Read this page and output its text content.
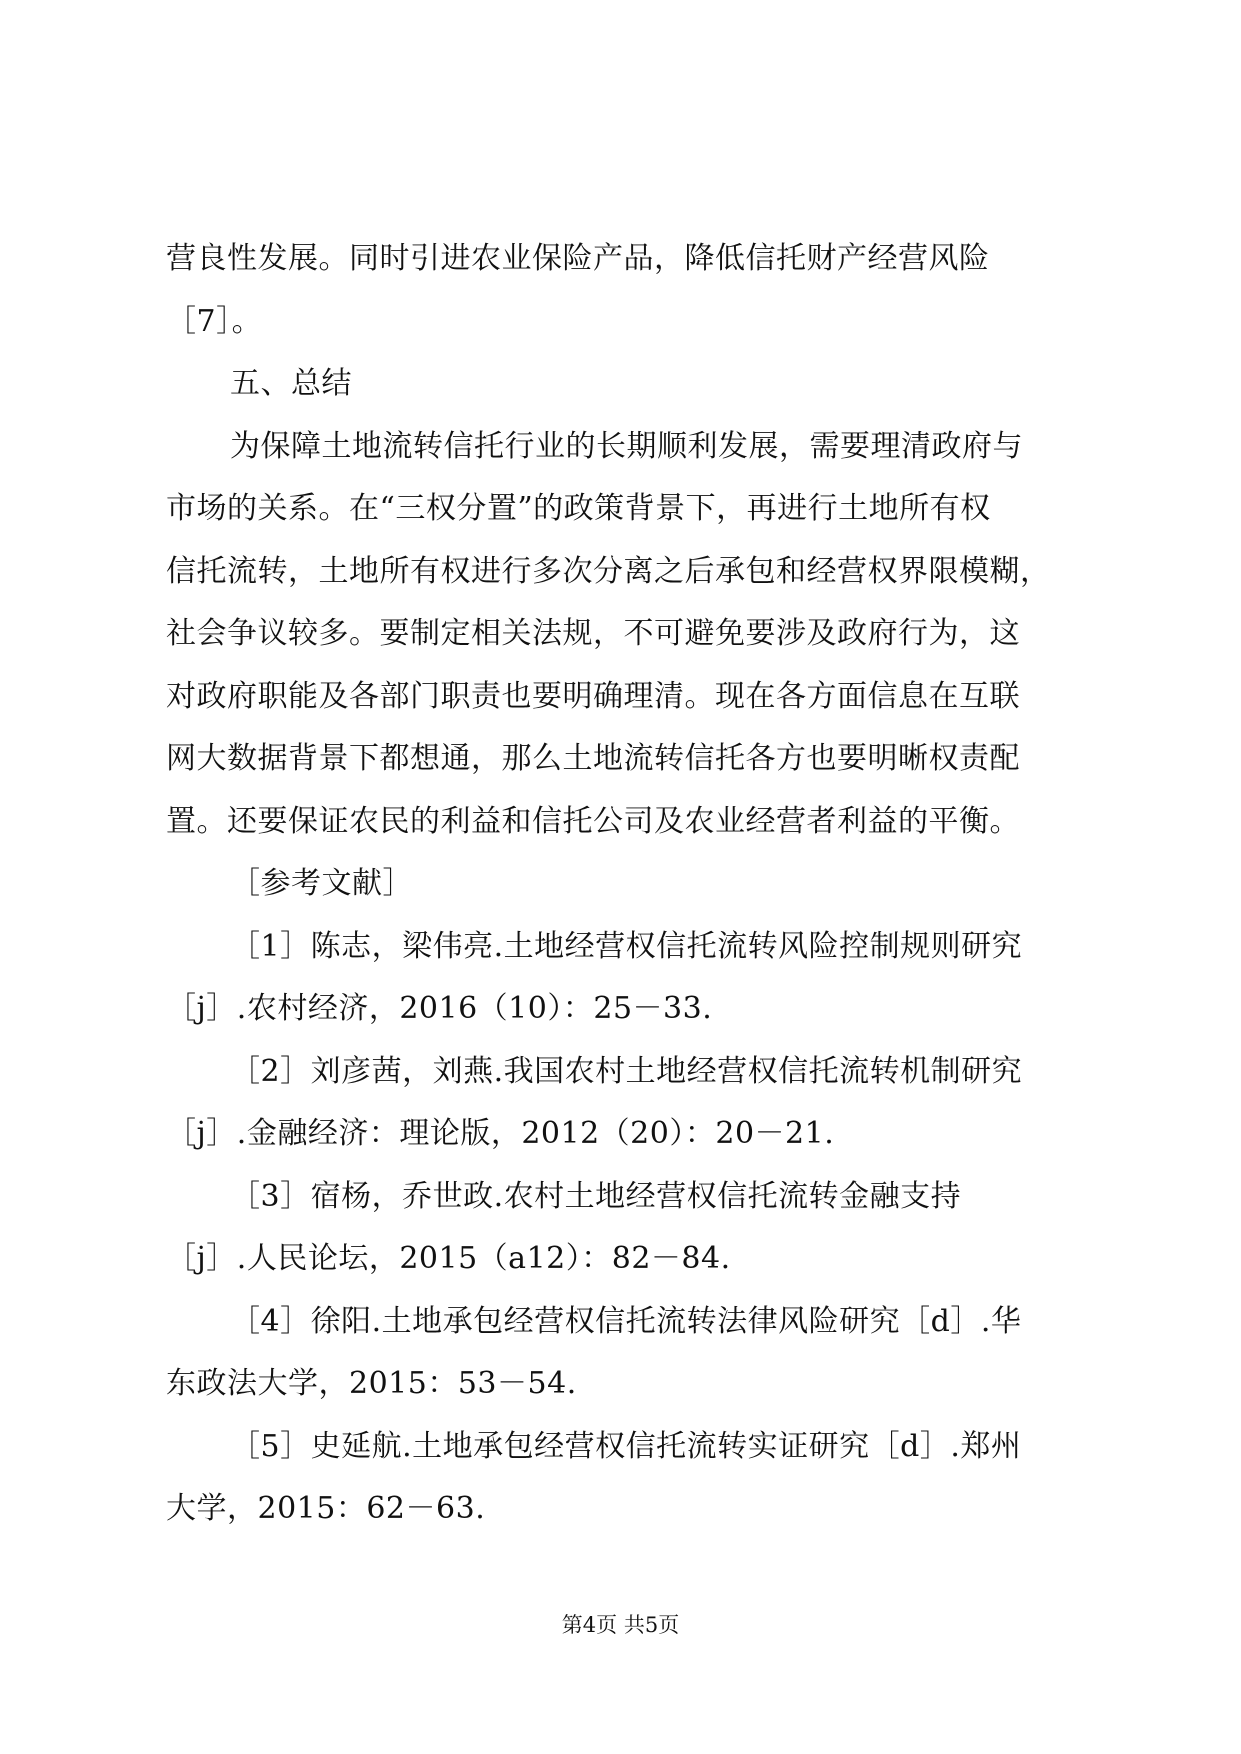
营良性发展。同时引进农业保险产品，降低信托财产经营风险
［7］。
五、总结
为保障土地流转信托行业的长期顺利发展，需要理清政府与
市场的关系。在“三权分置”的政策背景下，再进行土地所有权
信托流转，土地所有权进行多次分离之后承包和经营权界限模糊，
社会争议较多。要制定相关法规，不可避免要涉及政府行为，这
对政府职能及各部门职责也要明确理清。现在各方面信息在互联
网大数据背景下都想通，那么土地流转信托各方也要明晰权责配
置。还要保证农民的利益和信托公司及农业经营者利益的平衡。
［参考文献］
［1］陈志，梁伟亮.土地经营权信托流转风险控制规则研究
［j］.农村经济，2016（10）：25－33.
［2］刘彦茜，刘燕.我国农村土地经营权信托流转机制研究
［j］.金融经济：理论版，2012（20）：20－21.
［3］宿杨，乔世政.农村土地经营权信托流转金融支持
［j］.人民论坛，2015（a12）：82－84.
［4］徐阳.土地承包经营权信托流转法律风险研究［d］.华
东政法大学，2015：53－54.
［5］史延航.土地承包经营权信托流转实证研究［d］.郑州
大学，2015：62－63.
第4页 共5页
